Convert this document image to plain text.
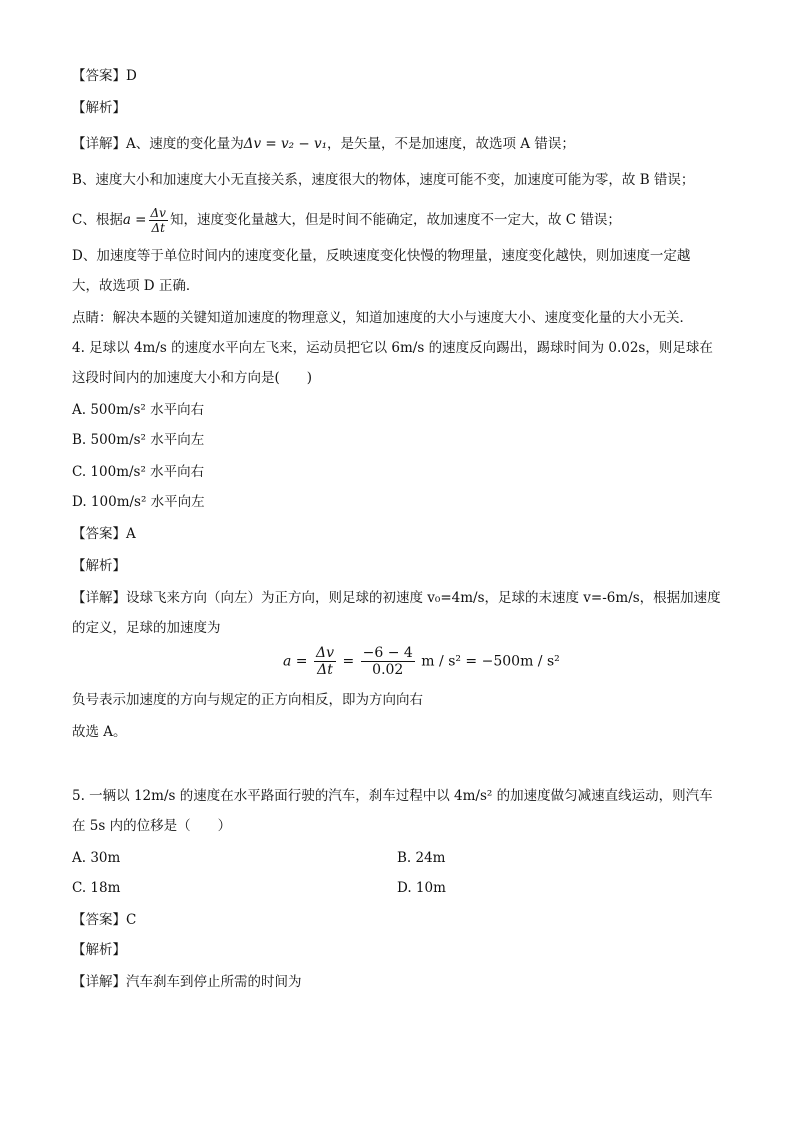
【答案】D
【解析】
【详解】A、速度的变化量为Δv = v₂ − v₁，是矢量，不是加速度，故选项 A 错误；
B、速度大小和加速度大小无直接关系，速度很大的物体，速度可能不变，加速度可能为零，故 B 错误；
C、根据$a = \frac{\Delta v}{\Delta t}$ 知，速度变化量越大，但是时间不能确定，故加速度不一定大，故 C 错误；
D、加速度等于单位时间内的速度变化量，反映速度变化快慢的物理量，速度变化越快，则加速度一定越
大，故选项 D 正确．
点睛：解决本题的关键知道加速度的物理意义，知道加速度的大小与速度大小、速度变化量的大小无关．
4. 足球以 4m/s 的速度水平向左飞来，运动员把它以 6m/s 的速度反向踢出，踢球时间为 0.02s，则足球在
这段时间内的加速度大小和方向是(　　)
A. 500m/s² 水平向右
B. 500m/s² 水平向左
C. 100m/s² 水平向右
D. 100m/s² 水平向左
【答案】A
【解析】
【详解】设球飞来方向（向左）为正方向，则足球的初速度 v₀=4m/s，足球的末速度 v=-6m/s，根据加速度
的定义，足球的加速度为
$a = \frac{\Delta v}{\Delta t} = \frac{-6 - 4}{0.02}$ m / s² = −500m / s²
负号表示加速度的方向与规定的正方向相反，即为方向向右
故选 A。
5. 一辆以 12m/s 的速度在水平路面行驶的汽车，刹车过程中以 4m/s² 的加速度做匀减速直线运动，则汽车
在 5s 内的位移是（　　）
A. 30m	B. 24m
C. 18m	D. 10m
【答案】C
【解析】
【详解】汽车刹车到停止所需的时间为
